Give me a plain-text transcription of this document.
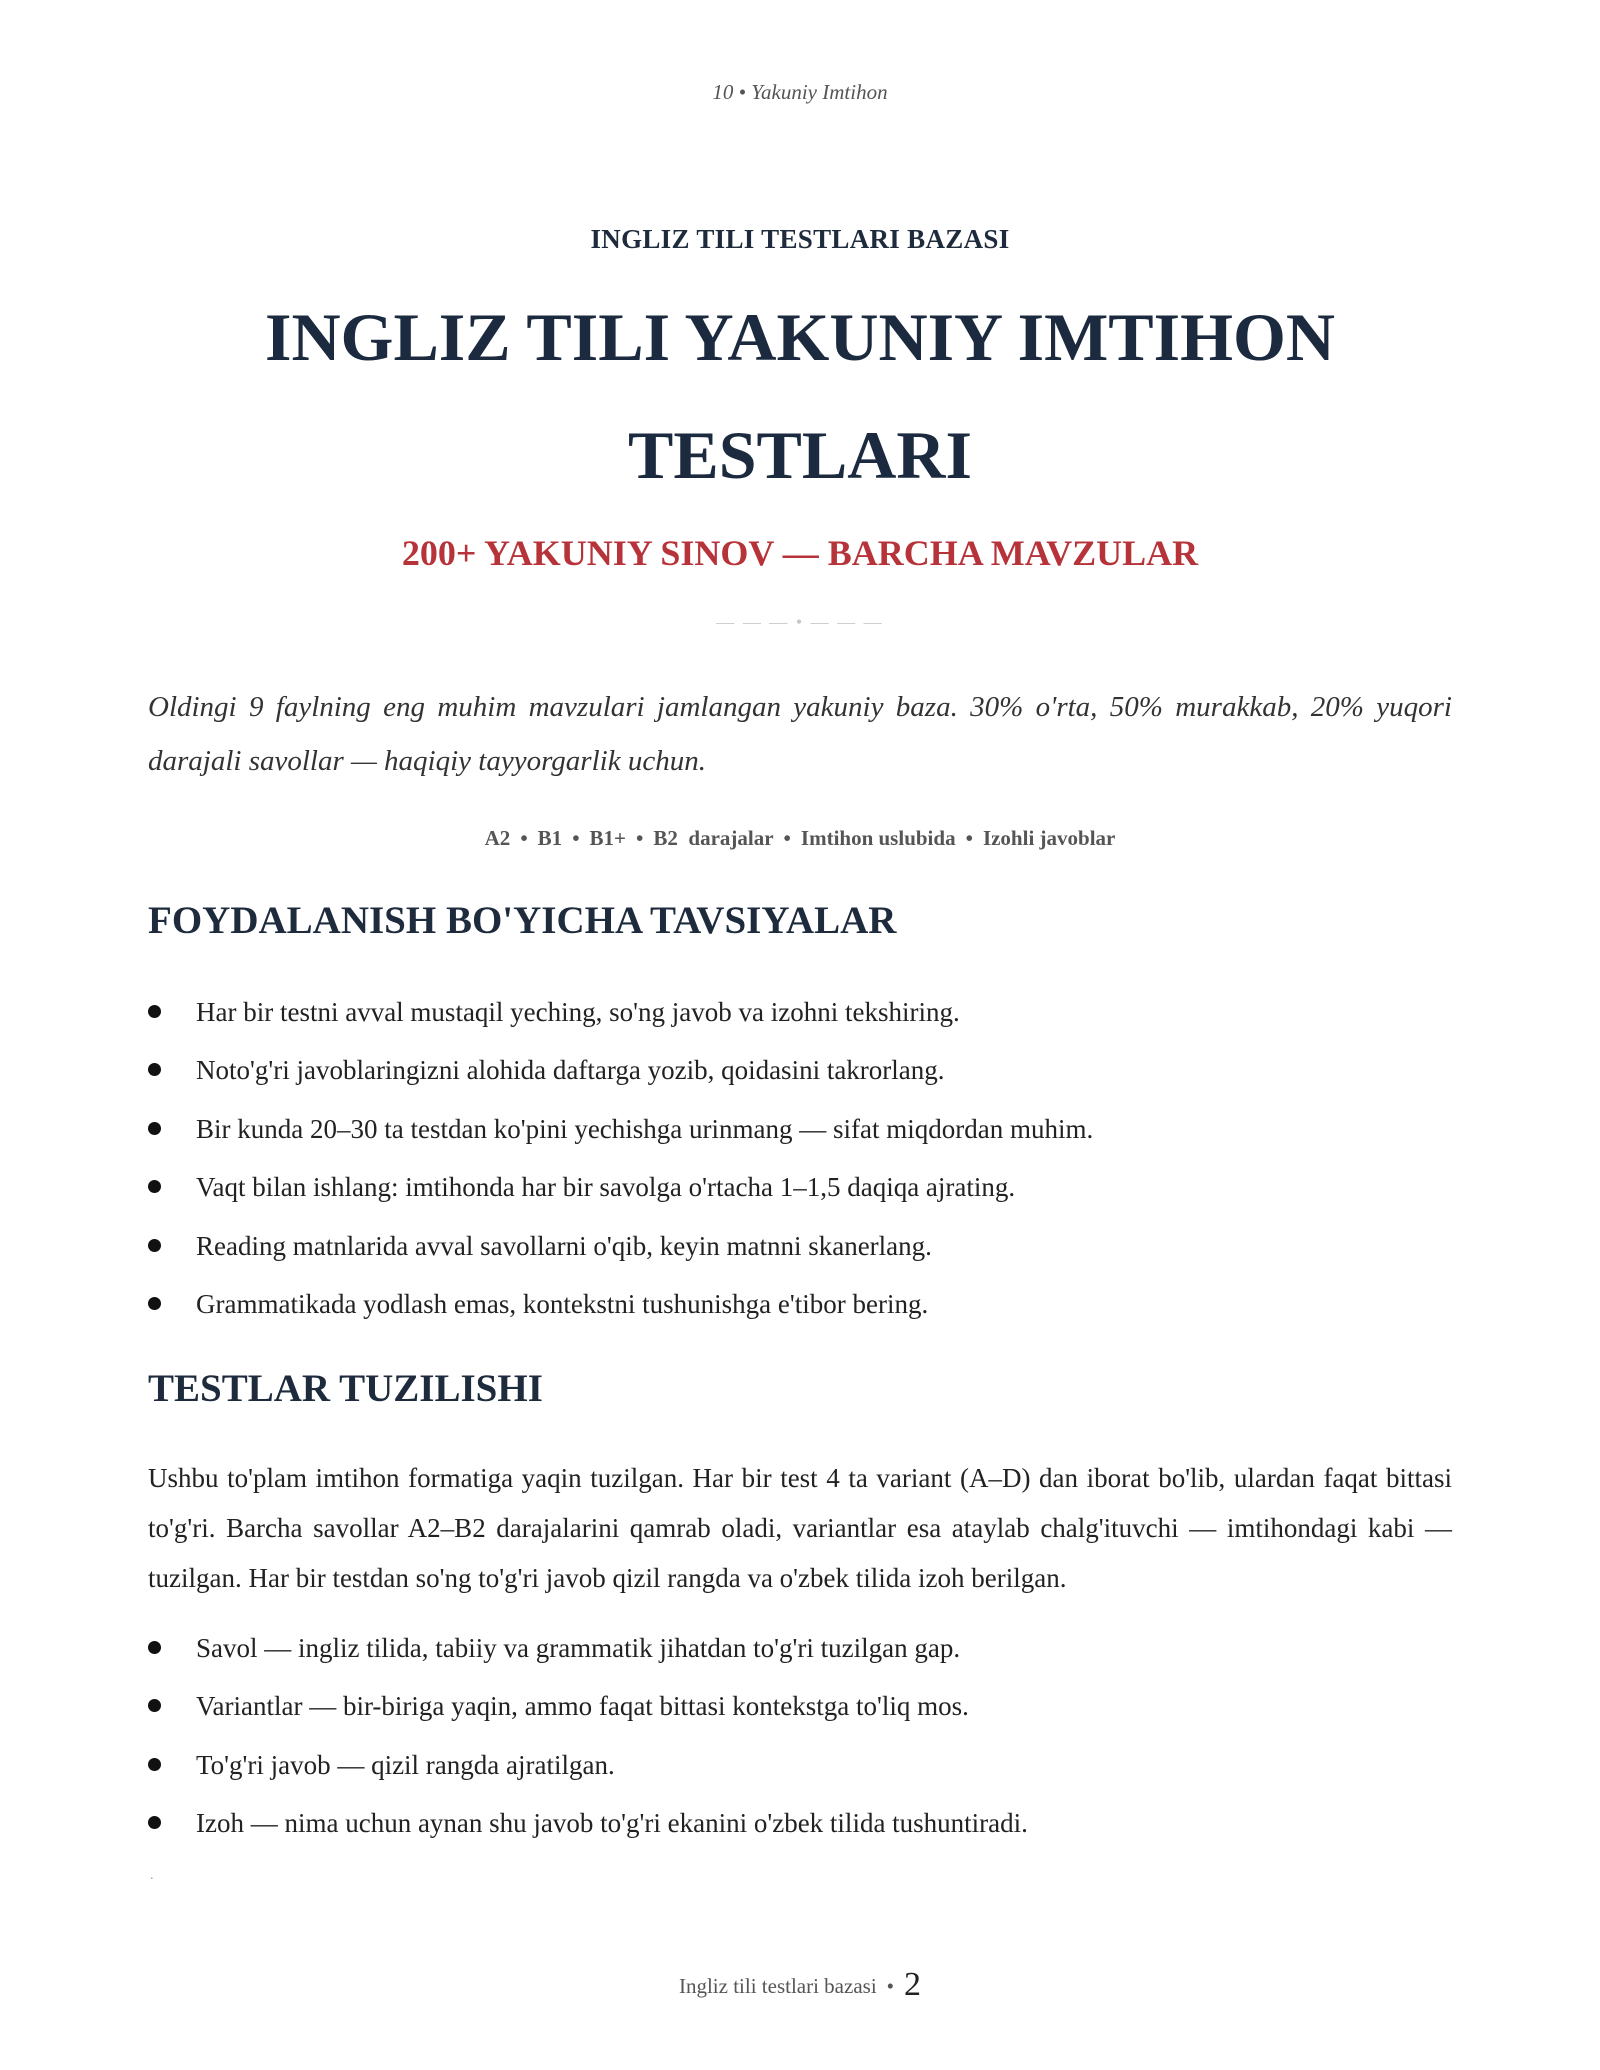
10 • Yakuniy Imtihon
INGLIZ TILI TESTLARI BAZASI
INGLIZ TILI YAKUNIY IMTIHON TESTLARI
200+ YAKUNIY SINOV — BARCHA MAVZULAR
— — — • — — —

Oldingi 9 faylning eng muhim mavzulari jamlangan yakuniy baza. 30% o'rta, 50% murakkab, 20% yuqori darajali savollar — haqiqiy tayyorgarlik uchun.

A2 • B1 • B1+ • B2  darajalar • Imtihon uslubida • Izohli javoblar
FOYDALANISH BO'YICHA TAVSIYALAR
Har bir testni avval mustaqil yeching, so'ng javob va izohni tekshiring.
Noto'g'ri javoblaringizni alohida daftarga yozib, qoidasini takrorlang.
Bir kunda 20–30 ta testdan ko'pini yechishga urinmang — sifat miqdordan muhim.
Vaqt bilan ishlang: imtihonda har bir savolga o'rtacha 1–1,5 daqiqa ajrating.
Reading matnlarida avval savollarni o'qib, keyin matnni skanerlang.
Grammatikada yodlash emas, kontekstni tushunishga e'tibor bering.
TESTLAR TUZILISHI

Ushbu to'plam imtihon formatiga yaqin tuzilgan. Har bir test 4 ta variant (A–D) dan iborat bo'lib, ulardan faqat bittasi to'g'ri. Barcha savollar A2–B2 darajalarini qamrab oladi, variantlar esa ataylab chalg'ituvchi — imtihondagi kabi — tuzilgan. Har bir testdan so'ng to'g'ri javob qizil rangda va o'zbek tilida izoh berilgan.

Savol — ingliz tilida, tabiiy va grammatik jihatdan to'g'ri tuzilgan gap.
Variantlar — bir-biriga yaqin, ammo faqat bittasi kontekstga to'liq mos.
To'g'ri javob — qizil rangda ajratilgan.
Izoh — nima uchun aynan shu javob to'g'ri ekanini o'zbek tilida tushuntiradi.
.
Ingliz tili testlari bazasi • 2
